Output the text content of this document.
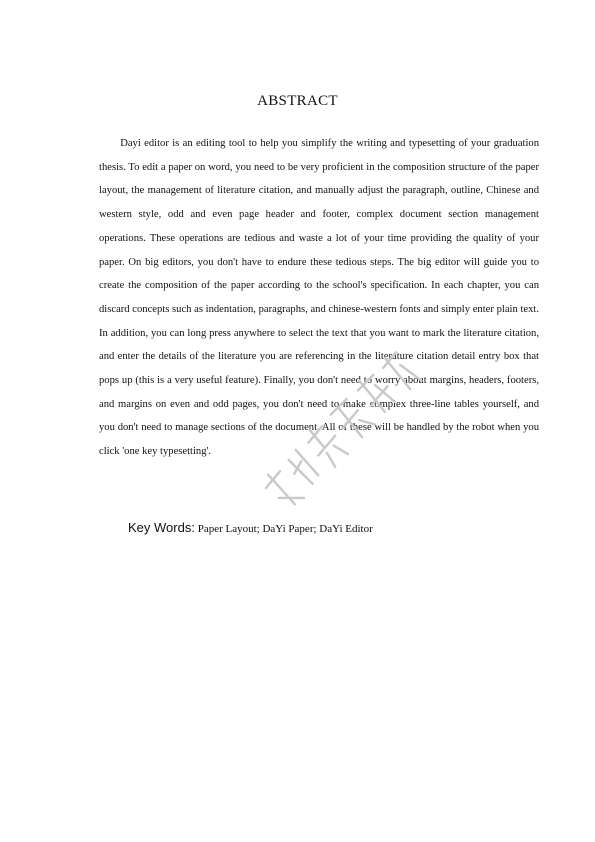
ABSTRACT

Dayi editor is an editing tool to help you simplify the writing and typesetting of your graduation thesis. To edit a paper on word, you need to be very proficient in the composition structure of the paper layout, the management of literature citation, and manually adjust the paragraph, outline, Chinese and western style, odd and even page header and footer, complex document section management operations. These operations are tedious and waste a lot of your time providing the quality of your paper. On big editors, you don't have to endure these tedious steps. The big editor will guide you to create the composition of the paper according to the school's specification. In each chapter, you can discard concepts such as indentation, paragraphs, and chinese-western fonts and simply enter plain text. In addition, you can long press anywhere to select the text that you want to mark the literature citation, and enter the details of the literature you are referencing in the literature citation detail entry box that pops up (this is a very useful feature). Finally, you don't need to worry about margins, headers, footers, and margins on even and odd pages, you don't need to make complex three-line tables yourself, and you don't need to manage sections of the document. All of these will be handled by the robot when you click 'one key typesetting'.

Key Words: Paper Layout; DaYi Paper; DaYi Editor
